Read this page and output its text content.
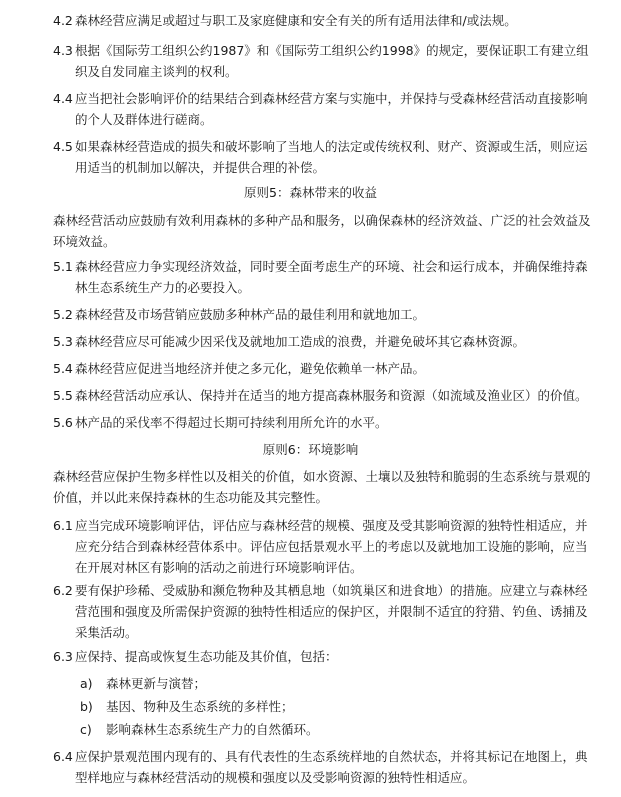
4.2 森林经营应满足或超过与职工及家庭健康和安全有关的所有适用法律和/或法规。
4.3 根据《国际劳工组织公约1987》和《国际劳工组织公约1998》的规定，要保证职工有建立组织及自发同雇主谈判的权利。
4.4 应当把社会影响评价的结果结合到森林经营方案与实施中，并保持与受森林经营活动直接影响的个人及群体进行磋商。
4.5 如果森林经营造成的损失和破坏影响了当地人的法定或传统权利、财产、资源或生活，则应运用适当的机制加以解决，并提供合理的补偿。
原则5：森林带来的收益
森林经营活动应鼓励有效利用森林的多种产品和服务，以确保森林的经济效益、广泛的社会效益及环境效益。
5.1 森林经营应力争实现经济效益，同时要全面考虑生产的环境、社会和运行成本，并确保维持森林生态系统生产力的必要投入。
5.2 森林经营及市场营销应鼓励多种林产品的最佳利用和就地加工。
5.3 森林经营应尽可能减少因采伐及就地加工造成的浪费，并避免破坏其它森林资源。
5.4 森林经营应促进当地经济并使之多元化，避免依赖单一林产品。
5.5 森林经营活动应承认、保持并在适当的地方提高森林服务和资源（如流域及渔业区）的价值。
5.6 林产品的采伐率不得超过长期可持续利用所允许的水平。
原则6：环境影响
森林经营应保护生物多样性以及相关的价值，如水资源、土壤以及独特和脆弱的生态系统与景观的价值，并以此来保持森林的生态功能及其完整性。
6.1 应当完成环境影响评估，评估应与森林经营的规模、强度及受其影响资源的独特性相适应，并应充分结合到森林经营体系中。评估应包括景观水平上的考虑以及就地加工设施的影响，应当在开展对林区有影响的活动之前进行环境影响评估。
6.2 要有保护珍稀、受威胁和濒危物种及其栖息地（如筑巢区和进食地）的措施。应建立与森林经营范围和强度及所需保护资源的独特性相适应的保护区，并限制不适宜的狩猎、钓鱼、诱捕及采集活动。
6.3 应保持、提高或恢复生态功能及其价值，包括：
a) 森林更新与演替；
b) 基因、物种及生态系统的多样性；
c) 影响森林生态系统生产力的自然循环。
6.4 应保护景观范围内现有的、具有代表性的生态系统样地的自然状态，并将其标记在地图上，典型样地应与森林经营活动的规模和强度以及受影响资源的独特性相适应。
